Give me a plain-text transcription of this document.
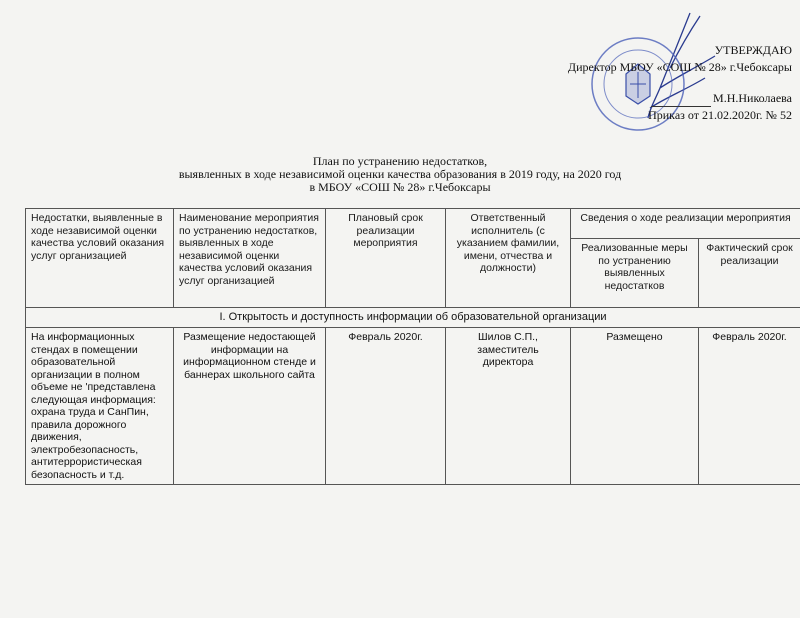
УТВЕРЖДАЮ
Директор МБОУ «СОШ № 28» г.Чебоксары
М.Н.Николаева
Приказ от 21.02.2020г. № 52
План по устранению недостатков,
выявленных в ходе независимой оценки качества образования в 2019 году, на 2020 год
в МБОУ «СОШ № 28» г.Чебоксары
Недостатки, выявленные в ходе независимой оценки качества условий оказания услуг организацией	Наименование мероприятия по устранению недостатков, выявленных в ходе независимой оценки качества условий оказания услуг организацией	Плановый срок реализации мероприятия	Ответственный исполнитель (с указанием фамилии, имени, отчества и должности)	Сведения о ходе реализации мероприятия	
				Реализованные меры по устранению выявленных недостатков	Фактический срок реализации
I. Открытость и доступность информации об образовательной организации					
На информационных стендах в помещении образовательной организации в полном объеме не 'представлена следующая информация: охрана труда и СанПин, правила дорожного движения, электробезопасность, антитеррористическая безопасность и т.д.	Размещение недостающей информации на информационном стенде и баннерах школьного сайта	Февраль 2020г.	Шилов С.П., заместитель директора	Размещено	Февраль 2020г.
